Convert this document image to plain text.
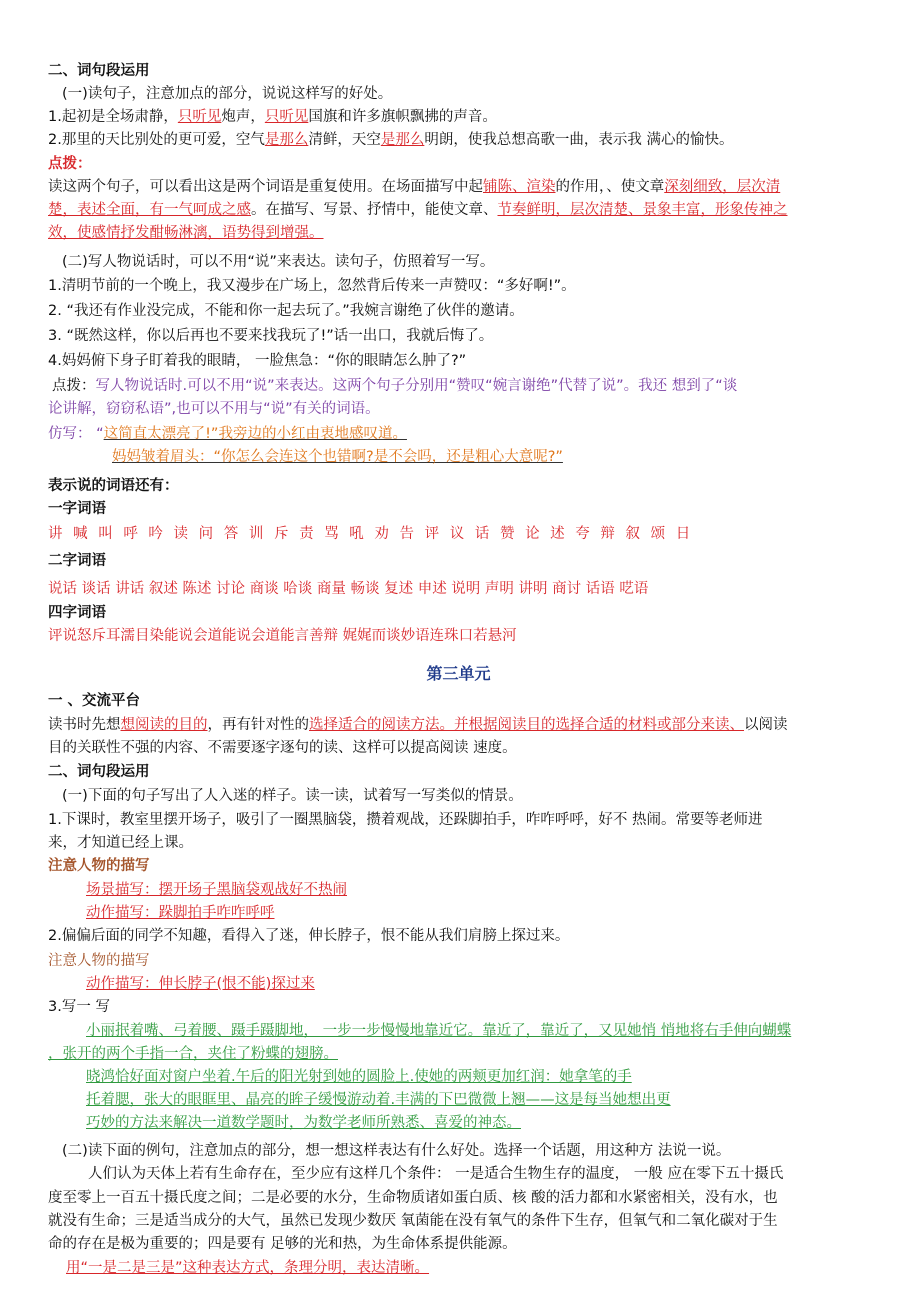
二、词句段运用
(一)读句子，注意加点的部分，说说这样写的好处。
1.起初是全场肃静，只听见炮声，只听见国旗和许多旗帜飘拂的声音。
2.那里的天比别处的更可爱，空气是那么清鲜，天空是那么明朗，使我总想高歌一曲，表示我 满心的愉快。
点拨：
读这两个句子，可以看出这是两个词语是重复使用。在场面描写中起铺陈、渲染的作用，、使文章深刻细致，层次清
楚，表述全面，有一气呵成之感。在描写、写景、抒情中，能使文章、节奏鲜明，层次清楚、景象丰富，形象传神之
效，使感情抒发酣畅淋漓，语势得到增强。
(二)写人物说话时，可以不用“说”来表达。读句子，仿照着写一写。
1.清明节前的一个晚上，我又漫步在广场上，忽然背后传来一声赞叹：“多好啊!”。
2. “我还有作业没完成，不能和你一起去玩了。”我婉言谢绝了伙伴的邀请。
3. “既然这样，你以后再也不要来找我玩了!”话一出口，我就后悔了。
4.妈妈俯下身子盯着我的眼睛， 一脸焦急：“你的眼睛怎么肿了?”
点拨：写人物说话时.可以不用“说”来表达。这两个句子分别用“赞叹“婉言谢绝”代替了说”。我还 想到了“谈
论讲解，窃窃私语”,也可以不用与“说”有关的词语。
仿写： “这简直太漂亮了!”我旁边的小红由衷地感叹道。
妈妈皱着眉头：“你怎么会连这个也错啊?是不会吗，还是粗心大意呢?”
表示说的词语还有：
一字词语
讲 喊 叫 呼 吟 读 问 答 训 斥 责 骂 吼 劝 告 评 议 话 赞 论 述 夸 辩 叙 颂 日
二字词语
说话 谈话 讲话 叙述 陈述 讨论 商谈 哈谈 商量 畅谈 复述 申述 说明 声明 讲明 商讨 话语 呓语
四字词语
评说怒斥耳濡目染能说会道能说会道能言善辩 娓娓而谈妙语连珠口若悬河
第三单元
一 、交流平台
读书时先想想阅读的目的，再有针对性的选择适合的阅读方法。并根据阅读目的选择合适的材料或部分来读、以阅读
目的关联性不强的内容、不需要逐字逐句的读、这样可以提高阅读 速度。
二、词句段运用
(一)下面的句子写出了人入迷的样子。读一读，试着写一写类似的情景。
1.下课时，教室里摆开场子，吸引了一圈黑脑袋，攒着观战，还跺脚拍手，咋咋呼呼，好不 热闹。常要等老师进
来，才知道已经上课。
注意人物的描写
场景描写：摆开场子黑脑袋观战好不热闹
动作描写：跺脚拍手咋咋呼呼
2.偏偏后面的同学不知趣，看得入了迷，伸长脖子，恨不能从我们肩膀上探过来。
注意人物的描写
动作描写：伸长脖子(恨不能)探过来
3.写一 写
小丽抿着嘴、弓着腰、蹑手蹑脚地， 一步一步慢慢地靠近它。靠近了，靠近了，又见她悄 悄地将右手伸向蝴蝶
，张开的两个手指一合，夹住了粉蝶的翅膀。
晓鸿恰好面对窗户坐着.午后的阳光射到她的圆脸上.使她的两颊更加红润：她拿笔的手
托着腮，张大的眼眶里、晶亮的眸子缓慢游动着.丰满的下巴微微上翘——这是每当她想出更
巧妙的方法来解决一道数学题时，为数学老师所熟悉、喜爱的神态。
(二)读下面的例句，注意加点的部分，想一想这样表达有什么好处。选择一个话题，用这种方 法说一说。
人们认为天体上若有生命存在，至少应有这样几个条件： 一是适合生物生存的温度， 一般 应在零下五十摄氏
度至零上一百五十摄氏度之间；二是必要的水分，生命物质诸如蛋白质、核 酸的活力都和水紧密相关，没有水，也
就没有生命；三是适当成分的大气，虽然已发现少数厌 氧菌能在没有氧气的条件下生存，但氧气和二氧化碳对于生
命的存在是极为重要的；四是要有 足够的光和热，为生命体系提供能源。
用“一是二是三是”这种表达方式，条理分明，表达清晰。
